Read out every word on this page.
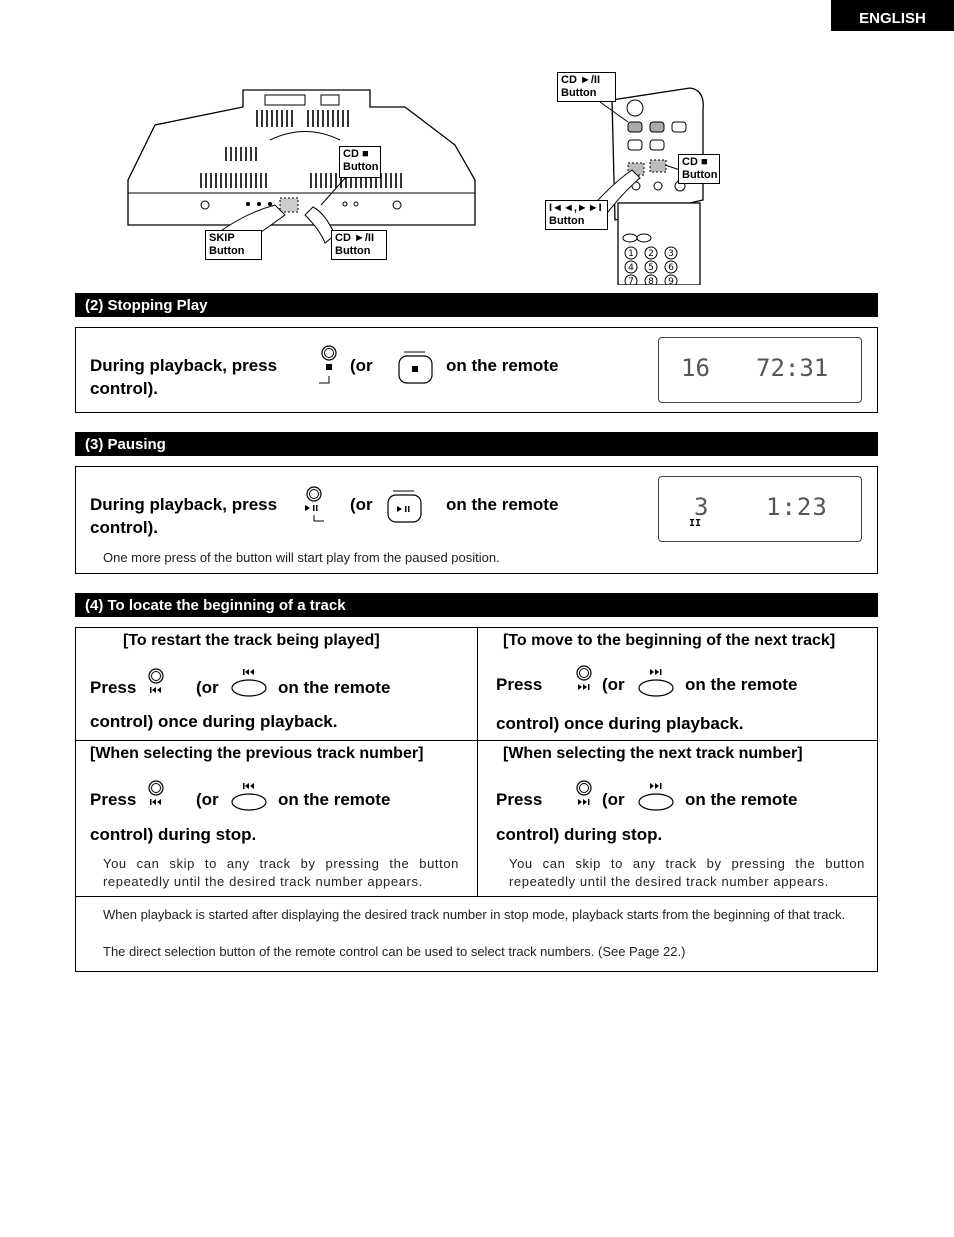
ENGLISH
CD ■
Button
SKIP
Button
CD ►/II
Button	1 2 3
4 5 6
7 8 9
CD ►/II
Button
CD ■
Button
I◄◄,►►I
Button
(2) Stopping Play
During playback, press	(or	on the remote
control).
16 72:31
(3) Pausing
During playback, press	(or	on the remote
control).
One more press of the button will start play from the paused position.
3 1:23
II
(4) To locate the beginning of a track
[To restart the track being played]
Press	(or	on the remote
control) once during playback.
[To move to the beginning of the next track]
Press	(or	on the remote
control) once during playback.
[When selecting the previous track number]
Press	(or	on the remote
control) during stop.
You can skip to any track by pressing the button repeatedly until the desired track number appears.
[When selecting the next track number]
Press	(or	on the remote
control) during stop.
You can skip to any track by pressing the button repeatedly until the desired track number appears.
When playback is started after displaying the desired track number in stop mode, playback starts from the beginning of that track.
The direct selection button of the remote control can be used to select track numbers. (See Page 22.)
